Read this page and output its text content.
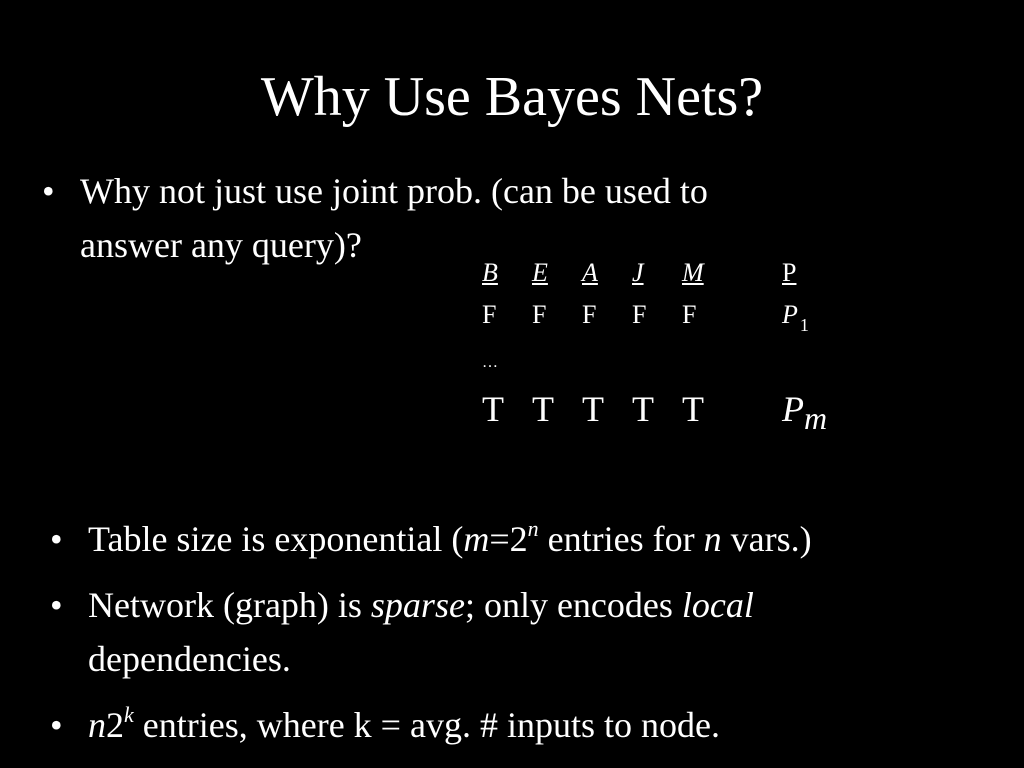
Why Use Bayes Nets?
• Why not just use joint prob. (can be used to
answer any query)?
B E A J M	P
F F F F F	P $_1$
…
T T T T T Pm
• Table size is exponential ($m=2^n$ entries for n vars.)
• Network (graph) is sparse; only encodes local
dependencies.
• n2$^k$ entries, where k = avg. # inputs to node.
